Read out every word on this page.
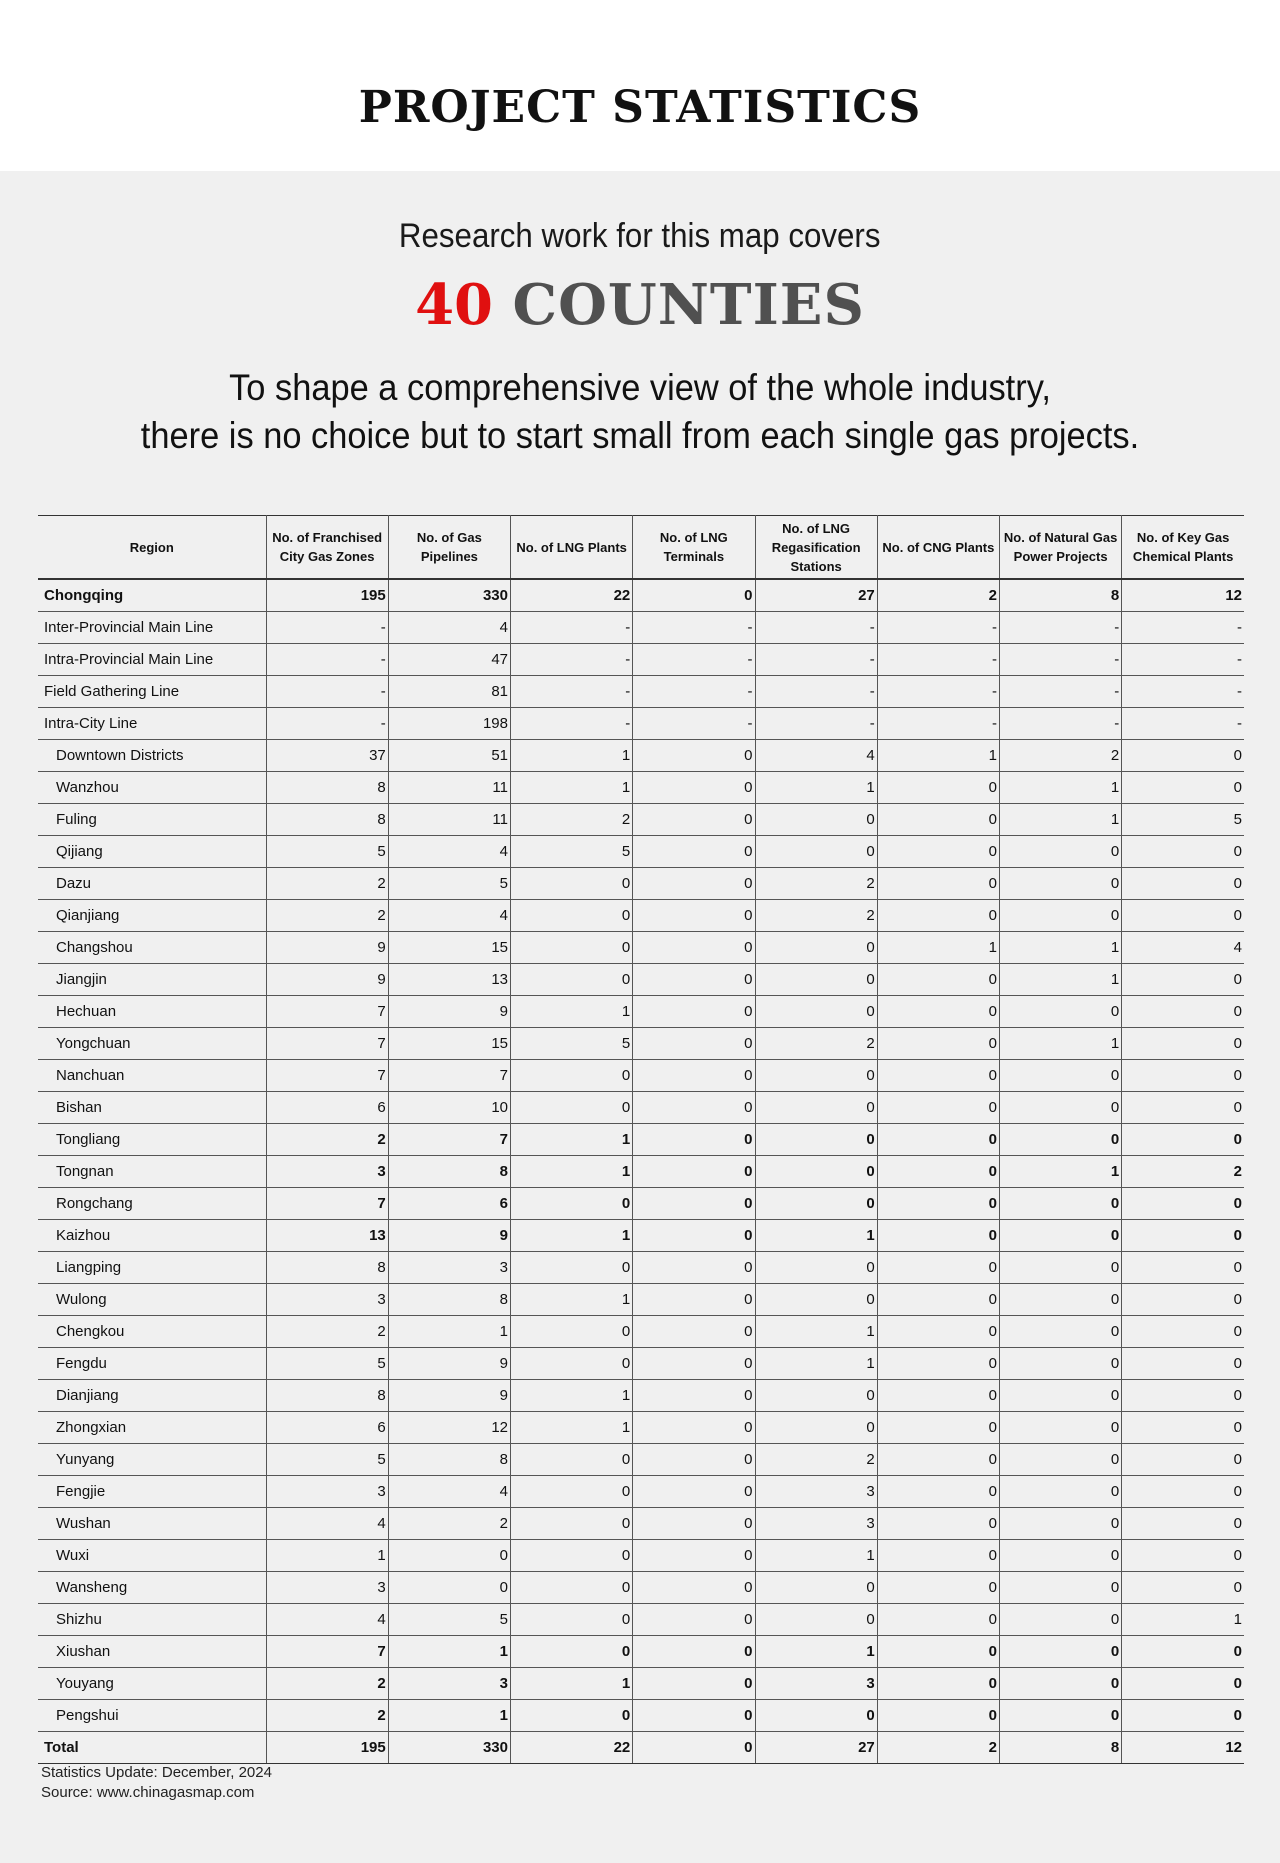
PROJECT STATISTICS
Research work for this map covers
40 COUNTIES
To shape a comprehensive view of the whole industry,
there is no choice but to start small from each single gas projects.
Region	No. of Franchised City Gas Zones	No. of Gas Pipelines	No. of LNG Plants	No. of LNG Terminals	No. of LNG Regasification Stations	No. of CNG Plants	No. of Natural Gas Power Projects	No. of Key Gas Chemical Plants
Chongqing	195	330	22	0	27	2	8	12
Inter-Provincial Main Line	-	4	-	-	-	-	-	-
Intra-Provincial Main Line	-	47	-	-	-	-	-	-
Field Gathering Line	-	81	-	-	-	-	-	-
Intra-City Line	-	198	-	-	-	-	-	-
Downtown Districts	37	51	1	0	4	1	2	0
Wanzhou	8	11	1	0	1	0	1	0
Fuling	8	11	2	0	0	0	1	5
Qijiang	5	4	5	0	0	0	0	0
Dazu	2	5	0	0	2	0	0	0
Qianjiang	2	4	0	0	2	0	0	0
Changshou	9	15	0	0	0	1	1	4
Jiangjin	9	13	0	0	0	0	1	0
Hechuan	7	9	1	0	0	0	0	0
Yongchuan	7	15	5	0	2	0	1	0
Nanchuan	7	7	0	0	0	0	0	0
Bishan	6	10	0	0	0	0	0	0
Tongliang	2	7	1	0	0	0	0	0
Tongnan	3	8	1	0	0	0	1	2
Rongchang	7	6	0	0	0	0	0	0
Kaizhou	13	9	1	0	1	0	0	0
Liangping	8	3	0	0	0	0	0	0
Wulong	3	8	1	0	0	0	0	0
Chengkou	2	1	0	0	1	0	0	0
Fengdu	5	9	0	0	1	0	0	0
Dianjiang	8	9	1	0	0	0	0	0
Zhongxian	6	12	1	0	0	0	0	0
Yunyang	5	8	0	0	2	0	0	0
Fengjie	3	4	0	0	3	0	0	0
Wushan	4	2	0	0	3	0	0	0
Wuxi	1	0	0	0	1	0	0	0
Wansheng	3	0	0	0	0	0	0	0
Shizhu	4	5	0	0	0	0	0	1
Xiushan	7	1	0	0	1	0	0	0
Youyang	2	3	1	0	3	0	0	0
Pengshui	2	1	0	0	0	0	0	0
Total	195	330	22	0	27	2	8	12
Statistics Update: December, 2024
Source: www.chinagasmap.com
